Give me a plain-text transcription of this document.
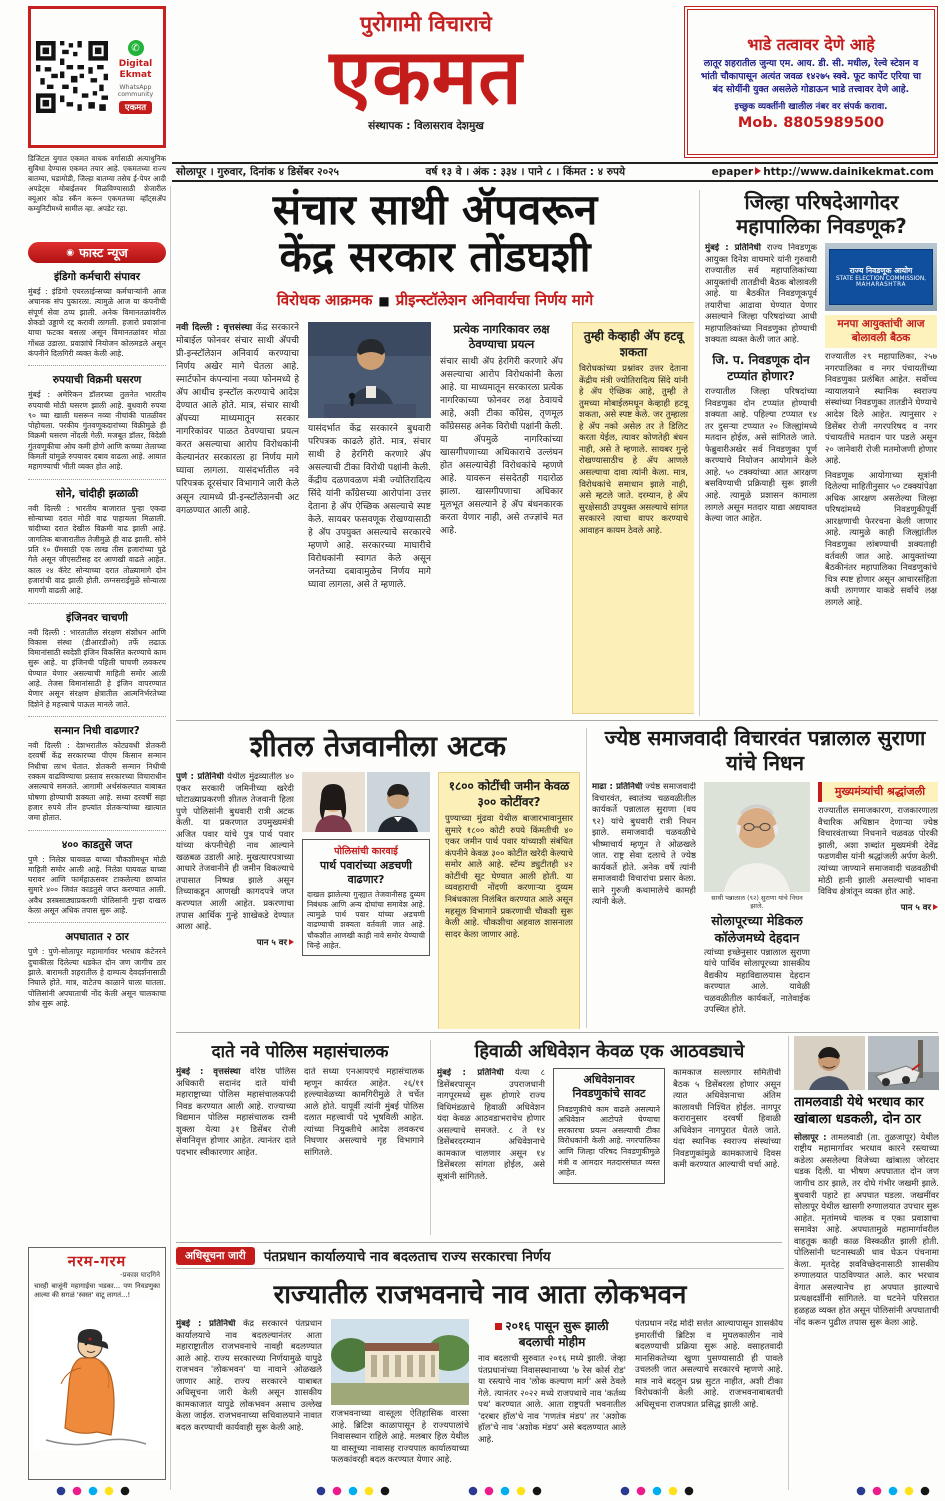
✆
Digital Ekmat
WhatsApp community
एकमत

डिजिटल युगात एकमत वाचक वर्गासाठी अत्याधुनिक सुविधा देण्यास एकमत तयार आहे. एकमतच्या राज्य बातम्या, घडामोडी, जिल्हा बातम्या तसेच ई-पेपर आदी अपडेट्स मोबाईलवर मिळविण्यासाठी शेजारील क्यूआर कोड स्कॅन करून एकमतच्या व्हॉट्सॲप कम्युनिटीमध्ये सामील व्हा. अपडेट रहा.

पुरोगामी विचाराचे
एकमत
संस्थापक : विलासराव देशमुख
भाडे तत्वावर देणे आहे
लातूर शहरातील जुन्या एम. आय. डी. सी. मधील, रेल्वे स्टेशन व भांती चौकापासून अत्यंत जवळ १४२७५ स्क्वे. फूट कार्पेट एरिया चा बंद सोयींनी युक्त असलेले गोडाऊन भाडे तत्त्वावर देणे आहे.
इच्छुक व्यक्तींनी खालील नंबर वर संपर्क करावा.
Mob. 8805989500
सोलापूर । गुरुवार, दिनांक ४ डिसेंबर २०२५	वर्ष १३ वे । अंक : ३३४ । पाने ८ । किंमत : ४ रुपये	epaper http://www.dainikekmat.com
◉ फास्ट न्यूज
इंडिगो कर्मचारी संपावर

मुंबई : इंडिगो एयरलाईन्सच्या कर्मचाऱ्यांनी आज अचानक संप पुकारला. त्यामुळे आज या कंपनीची संपूर्ण सेवा ठप्प झाली. अनेक विमानतळांवरील शेकडो उड्डाणे रद्द करावी लागली. हजारो प्रवाशांना याचा फटका बसला असून विमानतळांवर मोठा गोंधळ उडाला. प्रवाशांचे नियोजन कोलमडले असून कंपनीने दिलगिरी व्यक्त केली आहे.

रुपयाची विक्रमी घसरण

मुंबई : अमेरिकन डॉलरच्या तुलनेत भारतीय रुपयाची मोठी घसरण झाली आहे. बुधवारी रुपया ९० च्या खाली घसरून नव्या नीचांकी पातळीवर पोहोचला. परकीय गुंतवणूकदारांच्या विक्रीमुळे ही विक्रमी घसरण नोंदली गेली. मजबूत डॉलर, विदेशी गुंतवणुकीचा ओघ कमी होणे आणि कच्च्या तेलाच्या किमती यांमुळे रुपयावर दबाव वाढला आहे. आयात महागण्याची भीती व्यक्त होत आहे.

सोने, चांदीही झळाळी

नवी दिल्ली : भारतीय बाजारात पुन्हा एकदा सोन्याच्या दरात मोठी वाढ पाहायला मिळाली. चांदीच्या दरात देखील विक्रमी वाढ झाली आहे. जागतिक बाजारातील तेजीमुळे ही वाढ झाली. सोने प्रति १० ग्रॅमसाठी एक लाख तीस हजारांच्या पुढे गेले असून जीएसटीसह दर आणखी वाढले आहेत. काल २४ कॅरेट सोन्याच्या दरात तोळ्यामागे दोन हजारांची वाढ झाली होती. लग्नसराईमुळे सोन्याला मागणी वाढली आहे.

इंजिनवर चाचणी

नवी दिल्ली : भारतातील संरक्षण संशोधन आणि विकास संस्था (डीआरडीओ) तर्फे लढाऊ विमानांसाठी स्वदेशी इंजिन विकसित करण्याचे काम सुरू आहे. या इंजिनची पहिली चाचणी लवकरच घेण्यात येणार असल्याची माहिती समोर आली आहे. तेजस विमानांसाठी हे इंजिन वापरण्यात येणार असून संरक्षण क्षेत्रातील आत्मनिर्भरतेच्या दिशेने हे महत्त्वाचे पाऊल मानले जाते.

सन्मान निधी वाढणार?

नवी दिल्ली : देशभरातील कोट्यवधी शेतकरी दरवर्षी केंद्र सरकारच्या पीएम किसान सन्मान निधीचा लाभ घेतात. शेतकरी सन्मान निधीची रक्कम वाढविण्याचा प्रस्ताव सरकारच्या विचाराधीन असल्याचे समजते. आगामी अर्थसंकल्पात याबाबत घोषणा होण्याची शक्यता आहे. सध्या दरवर्षी सहा हजार रुपये तीन हप्त्यांत शेतकऱ्यांच्या खात्यात जमा होतात.

४०० काडतुसे जप्त

पुणे : निलेश घायवळ याच्या चौकशीमधून मोठी माहिती समोर आली आहे. निलेश घायवळ याच्या घरावर आणि फार्महाऊसवर टाकलेल्या छाप्यांत सुमारे ४०० जिवंत काडतुसे जप्त करण्यात आली. अवैध शस्त्रसाठ्याप्रकरणी पोलिसांनी गुन्हा दाखल केला असून अधिक तपास सुरू आहे.

अपघातात २ ठार

पुणे : पुणे-सोलापूर महामार्गावर भरधाव कंटेनरने दुचाकीला दिलेल्या धडकेत दोन जण जागीच ठार झाले. बारामती शहरातील हे दाम्पत्य देवदर्शनासाठी निघाले होते. मात्र, वाटेतच काळाने घाला घातला. पोलिसांनी अपघाताची नोंद केली असून चालकाचा शोध सुरू आहे.

नरम-गरम
-प्रकाश घादगिने

चारही बाजूंनी महागाईचा भडका... पण निवडणुका आल्या की सगळं 'स्वस्त' वाटू लागतं...!

संचार साथी ॲपवरून
केंद्र सरकार तोंडघशी
विरोधक आक्रमक ■ प्रीइन्स्टॉलेशन अनिवार्यचा निर्णय मागे

नवी दिल्ली : वृत्तसंस्था केंद्र सरकारने मोबाईल फोनवर संचार साथी ॲपची प्री-इन्स्टॉलेशन अनिवार्य करण्याचा निर्णय अखेर मागे घेतला आहे. स्मार्टफोन कंपन्यांना नव्या फोनमध्ये हे ॲप आधीच इन्स्टॉल करण्याचे आदेश देण्यात आले होते. मात्र, संचार साथी ॲपच्या माध्यमातून सरकार नागरिकांवर पाळत ठेवण्याचा प्रयत्न करत असल्याचा आरोप विरोधकांनी केल्यानंतर सरकारला हा निर्णय मागे घ्यावा लागला. यासंदर्भातील नवे परिपत्रक दूरसंचार विभागाने जारी केले असून त्यामध्ये प्री-इन्स्टॉलेशनची अट वगळण्यात आली आहे.

यासंदर्भात केंद्र सरकारने बुधवारी परिपत्रक काढले होते. मात्र, संचार साथी हे हेरगिरी करणारे ॲप असल्याची टीका विरोधी पक्षांनी केली. केंद्रीय दळणवळण मंत्री ज्योतिरादित्य सिंदे यांनी काँग्रेसच्या आरोपांना उत्तर देताना हे ॲप ऐच्छिक असल्याचे स्पष्ट केले. सायबर फसवणूक रोखण्यासाठी हे ॲप उपयुक्त असल्याचे सरकारचे म्हणणे आहे. सरकारच्या माघारीचे विरोधकांनी स्वागत केले असून जनतेच्या दबावामुळेच निर्णय मागे घ्यावा लागला, असे ते म्हणाले.

प्रत्येक नागरिकावर लक्ष ठेवण्याचा प्रयत्न

संचार साथी ॲप हेरगिरी करणारे ॲप असल्याचा आरोप विरोधकांनी केला आहे. या माध्यमातून सरकारला प्रत्येक नागरिकाच्या फोनवर लक्ष ठेवायचे आहे, अशी टीका काँग्रेस, तृणमूल काँग्रेससह अनेक विरोधी पक्षांनी केली. या ॲपमुळे नागरिकांच्या खासगीपणाच्या अधिकाराचे उल्लंघन होत असल्याचेही विरोधकांचे म्हणणे आहे. यावरून संसदेतही गदारोळ झाला. खासगीपणाचा अधिकार मूलभूत असल्याने हे ॲप बंधनकारक करता येणार नाही, असे तज्ज्ञांचे मत आहे.

तुम्ही केव्हाही ॲप हटवू शकता

विरोधकांच्या प्रश्नांवर उत्तर देताना केंद्रीय मंत्री ज्योतिरादित्य सिंदे यांनी हे ॲप ऐच्छिक आहे, तुम्ही ते तुमच्या मोबाईलमधून केव्हाही हटवू शकता, असे स्पष्ट केले. जर तुम्हाला हे ॲप नको असेल तर ते डिलिट करता येईल, त्यावर कोणतेही बंधन नाही, असे ते म्हणाले. सायबर गुन्हे रोखण्यासाठीच हे ॲप आणले असल्याचा दावा त्यांनी केला. मात्र, विरोधकांचे समाधान झाले नाही, असे म्हटले जाते. दरम्यान, हे ॲप सुरक्षेसाठी उपयुक्त असल्याचे सांगत सरकारने त्याचा वापर करण्याचे आवाहन कायम ठेवले आहे.

जिल्हा परिषदेआगोदर महापालिका निवडणूक?

मुंबई : प्रतिनिधी राज्य निवडणूक आयुक्त दिनेश वाघमारे यांनी गुरुवारी राज्यातील सर्व महापालिकांच्या आयुक्तांची तातडीची बैठक बोलावली आहे. या बैठकीत निवडणूकपूर्व तयारीचा आढावा घेण्यात येणार असल्याने जिल्हा परिषदांच्या आधी महापालिकांच्या निवडणुका होण्याची शक्यता व्यक्त केली जात आहे.

जि. प. निवडणूक दोन टप्प्यांत होणार?

राज्यातील जिल्हा परिषदांच्या निवडणुका दोन टप्प्यांत होण्याची शक्यता आहे. पहिल्या टप्प्यात १४ तर दुसऱ्या टप्प्यात २० जिल्ह्यांमध्ये मतदान होईल, असे सांगितले जाते. फेब्रुवारीअखेर सर्व निवडणुका पूर्ण करण्याचे नियोजन आयोगाने केले आहे. ५० टक्क्यांच्या आत आरक्षण बसविण्याची प्रक्रियाही सुरू झाली आहे. त्यामुळे प्रशासन कामाला लागले असून मतदार याद्या अद्ययावत केल्या जात आहेत.

राज्य निवडणूक आयोग
STATE ELECTION COMMISSION,
MAHARASHTRA
मनपा आयुक्तांची आज बोलावली बैठक

राज्यातील २९ महापालिका, २५७ नगरपालिका व नगर पंचायतींच्या निवडणुका प्रलंबित आहेत. सर्वोच्च न्यायालयाने स्थानिक स्वराज्य संस्थांच्या निवडणुका तातडीने घेण्याचे आदेश दिले आहेत. त्यानुसार २ डिसेंबर रोजी नगरपरिषद व नगर पंचायतींचे मतदान पार पडले असून २० जानेवारी रोजी मतमोजणी होणार आहे.

निवडणूक आयोगाच्या सूत्रांनी दिलेल्या माहितीनुसार ५० टक्क्यांपेक्षा अधिक आरक्षण असलेल्या जिल्हा परिषदांमध्ये निवडणुकीपूर्वी आरक्षणाची फेररचना केली जाणार आहे. त्यामुळे काही जिल्ह्यांतील निवडणुका लांबण्याची शक्यताही वर्तवली जात आहे. आयुक्तांच्या बैठकीनंतर महापालिका निवडणुकांचे चित्र स्पष्ट होणार असून आचारसंहिता कधी लागणार याकडे सर्वांचे लक्ष लागले आहे.

शीतल तेजवानीला अटक

पुणे : प्रतिनिधी येथील मुंढव्यातील ४० एकर सरकारी जमिनीच्या खरेदी घोटाळ्याप्रकरणी शीतल तेजवानी हिला पुणे पोलिसांनी बुधवारी रात्री अटक केली. या प्रकरणात उपमुख्यमंत्री अजित पवार यांचे पुत्र पार्थ पवार यांच्या कंपनीचेही नाव आल्याने खळबळ उडाली आहे. मुखत्यारपत्राच्या आधारे तेजवानीने ही जमीन विकल्याचे तपासात निष्पन्न झाले असून तिच्याकडून आणखी कागदपत्रे जप्त करण्यात आली आहेत. प्रकरणाचा तपास आर्थिक गुन्हे शाखेकडे देण्यात आला आहे.

पान ५ वर
पोलिसांची कारवाई
पार्थ पवारांच्या अडचणी वाढणार?

दाखल झालेल्या गुन्ह्यात तेजवानीसह दुय्यम निबंधक आणि अन्य दोघांचा समावेश आहे. त्यामुळे पार्थ पवार यांच्या अडचणी वाढण्याची शक्यता वर्तवली जात आहे. चौकशीत आणखी काही नावे समोर येण्याची चिन्हे आहेत.

१८०० कोटींची जमीन केवळ ३०० कोटींवर?

पुण्याच्या मुंढवा येथील बाजारभावानुसार सुमारे १८०० कोटी रुपये किंमतीची ४० एकर जमीन पार्थ पवार यांच्याशी संबंधित कंपनीने केवळ ३०० कोटींत खरेदी केल्याचे समोर आले आहे. स्टॅम्प ड्युटीतही ४२ कोटींची सूट घेण्यात आली होती. या व्यवहाराची नोंदणी करणाऱ्या दुय्यम निबंधकाला निलंबित करण्यात आले असून महसूल विभागाने प्रकरणाची चौकशी सुरू केली आहे. चौकशीचा अहवाल शासनाला सादर केला जाणार आहे.

ज्येष्ठ समाजवादी विचारवंत पन्नालाल सुराणा यांचे निधन

माढा : प्रतिनिधी ज्येष्ठ समाजवादी विचारवंत, स्वातंत्र्य चळवळीतील कार्यकर्ते पन्नालाल सुराणा (वय ९२) यांचे बुधवारी रात्री निधन झाले. समाजवादी चळवळीचे भीष्माचार्य म्हणून ते ओळखले जात. राष्ट्र सेवा दलाचे ते ज्येष्ठ कार्यकर्ते होते. अनेक वर्षे त्यांनी समाजवादी विचारांचा प्रसार केला. साने गुरुजी कथामालेचे कामही त्यांनी केले.	साथी पन्नालाल (९२) सुराणा यांचे निधन झाले.
सोलापूरच्या मेडिकल कॉलेजमध्ये देहदान

त्यांच्या इच्छेनुसार पन्नालाल सुराणा यांचे पार्थिव सोलापूरच्या शासकीय वैद्यकीय महाविद्यालयास देहदान करण्यात आले. यावेळी चळवळीतील कार्यकर्ते, नातेवाईक उपस्थित होते.

मुख्यमंत्र्यांची श्रद्धांजली

राज्यातील समाजकारण, राजकारणाला वैचारिक अधिष्ठान देणाऱ्या ज्येष्ठ विचारवंताच्या निधनाने चळवळ पोरकी झाली, अशा शब्दांत मुख्यमंत्री देवेंद्र फडणवीस यांनी श्रद्धांजली अर्पण केली. त्यांच्या जाण्याने समाजवादी चळवळीची मोठी हानी झाली असल्याची भावना विविध क्षेत्रांतून व्यक्त होत आहे.

पान ५ वर
दाते नवे पोलिस महासंचालक

मुंबई : वृत्तसंस्था वरिष्ठ पोलिस अधिकारी सदानंद दाते यांची महाराष्ट्राच्या पोलिस महासंचालकपदी निवड करण्यात आली आहे. राज्याच्या विद्यमान पोलिस महासंचालक रश्मी शुक्ला येत्या ३१ डिसेंबर रोजी सेवानिवृत्त होणार आहेत. त्यानंतर दाते पदभार स्वीकारणार आहेत.

दाते सध्या एनआयएचे महासंचालक म्हणून कार्यरत आहेत. २६/११ हल्ल्यावेळच्या कामगिरीमुळे ते चर्चेत आले होते. यापूर्वी त्यांनी मुंबई पोलिस दलात महत्त्वाची पदे भूषविली आहेत. त्यांच्या नियुक्तीचे आदेश लवकरच निघणार असल्याचे गृह विभागाने सांगितले.

हिवाळी अधिवेशन केवळ एक आठवड्याचे

मुंबई : प्रतिनिधी येत्या ८ डिसेंबरपासून उपराजधानी नागपूरमध्ये सुरू होणारे राज्य विधिमंडळाचे हिवाळी अधिवेशन यंदा केवळ आठवडाभराचेच होणार असल्याचे समजते. ८ ते १४ डिसेंबरदरम्यान अधिवेशनाचे कामकाज चालणार असून १४ डिसेंबरला सांगता होईल, असे सूत्रांनी सांगितले.

अधिवेशनावर निवडणुकांचे सावट

निवडणुकीचे काम वाढले असल्याने अधिवेशन आटोपते घेण्याचा सरकारचा प्रयत्न असल्याची टीका विरोधकांनी केली आहे. नगरपालिका आणि जिल्हा परिषद निवडणुकीमुळे मंत्री व आमदार मतदारसंघात व्यस्त आहेत.

कामकाज सल्लागार समितीची बैठक ५ डिसेंबरला होणार असून त्यात अधिवेशनाचा अंतिम कालावधी निश्चित होईल. नागपूर करारानुसार दरवर्षी हिवाळी अधिवेशन नागपुरात घेतले जाते. यंदा स्थानिक स्वराज्य संस्थांच्या निवडणुकांमुळे कामकाजाचे दिवस कमी करण्यात आल्याची चर्चा आहे.

तामलवाडी येथे भरधाव कार खांबाला धडकली, दोन ठार

सोलापूर : तामलवाडी (ता. तुळजापूर) येथील राष्ट्रीय महामार्गावर भरधाव कारने रस्त्याच्या कडेला असलेल्या विजेच्या खांबाला जोरदार धडक दिली. या भीषण अपघातात दोन जण जागीच ठार झाले, तर दोघे गंभीर जखमी झाले. बुधवारी पहाटे हा अपघात घडला. जखमींवर सोलापूर येथील खासगी रुग्णालयात उपचार सुरू आहेत. मृतांमध्ये चालक व एका प्रवाशाचा समावेश आहे. अपघातामुळे महामार्गावरील वाहतूक काही काळ विस्कळीत झाली होती. पोलिसांनी घटनास्थळी धाव घेऊन पंचनामा केला. मृतदेह शवविच्छेदनासाठी शासकीय रुग्णालयात पाठविण्यात आले. कार भरधाव वेगात असल्यानेच हा अपघात झाल्याचे प्रत्यक्षदर्शींनी सांगितले. या घटनेने परिसरात हळहळ व्यक्त होत असून पोलिसांनी अपघाताची नोंद करून पुढील तपास सुरू केला आहे.

अधिसूचना जारी	पंतप्रधान कार्यालयाचे नाव बदलताच राज्य सरकारचा निर्णय
राज्यातील राजभवनाचे नाव आता लोकभवन

मुंबई : प्रतिनिधी केंद्र सरकारने पंतप्रधान कार्यालयाचे नाव बदलल्यानंतर आता महाराष्ट्रातील राजभवनाचे नावही बदलण्यात आले आहे. राज्य सरकारच्या निर्णयामुळे यापुढे राजभवन 'लोकभवन' या नावाने ओळखले जाणार आहे. राज्य सरकारने याबाबत अधिसूचना जारी केली असून शासकीय कामकाजात यापुढे लोकभवन असाच उल्लेख केला जाईल. राजभवनाच्या सचिवालयाने नावात बदल करण्याची कार्यवाही सुरू केली आहे.

राजभवनाच्या वास्तूला ऐतिहासिक वारसा आहे. ब्रिटिश काळापासून हे राज्यपालांचे निवासस्थान राहिले आहे. मलबार हिल येथील या वास्तूच्या नावासह राज्यपाल कार्यालयाच्या फलकांवरही बदल करण्यात येणार आहे.

२०१६ पासून सुरू झाली बदलाची मोहीम

नाव बदलाची सुरुवात २०१६ मध्ये झाली. जेव्हा पंतप्रधानांच्या निवासस्थानाच्या '७ रेस कोर्स रोड' या रस्त्याचे नाव 'लोक कल्याण मार्ग' असे ठेवले गेले. त्यानंतर २०२२ मध्ये राजपथाचे नाव 'कर्तव्य पथ' करण्यात आले. आता राष्ट्रपती भवनातील 'दरबार हॉल'चे नाव 'गणतंत्र मंडप' तर 'अशोक हॉल'चे नाव 'अशोक मंडप' असे बदलण्यात आले आहे.

पंतप्रधान नरेंद्र मोदी सत्तेत आल्यापासून शासकीय इमारतींची ब्रिटिश व मुघलकालीन नावे बदलण्याची प्रक्रिया सुरू आहे. वसाहतवादी मानसिकतेच्या खुणा पुसण्यासाठी ही पावले उचलली जात असल्याचे सरकारचे म्हणणे आहे. मात्र नावे बदलून प्रश्न सुटत नाहीत, अशी टीका विरोधकांनी केली आहे. राजभवनाबाबतची अधिसूचना राजपत्रात प्रसिद्ध झाली आहे.
